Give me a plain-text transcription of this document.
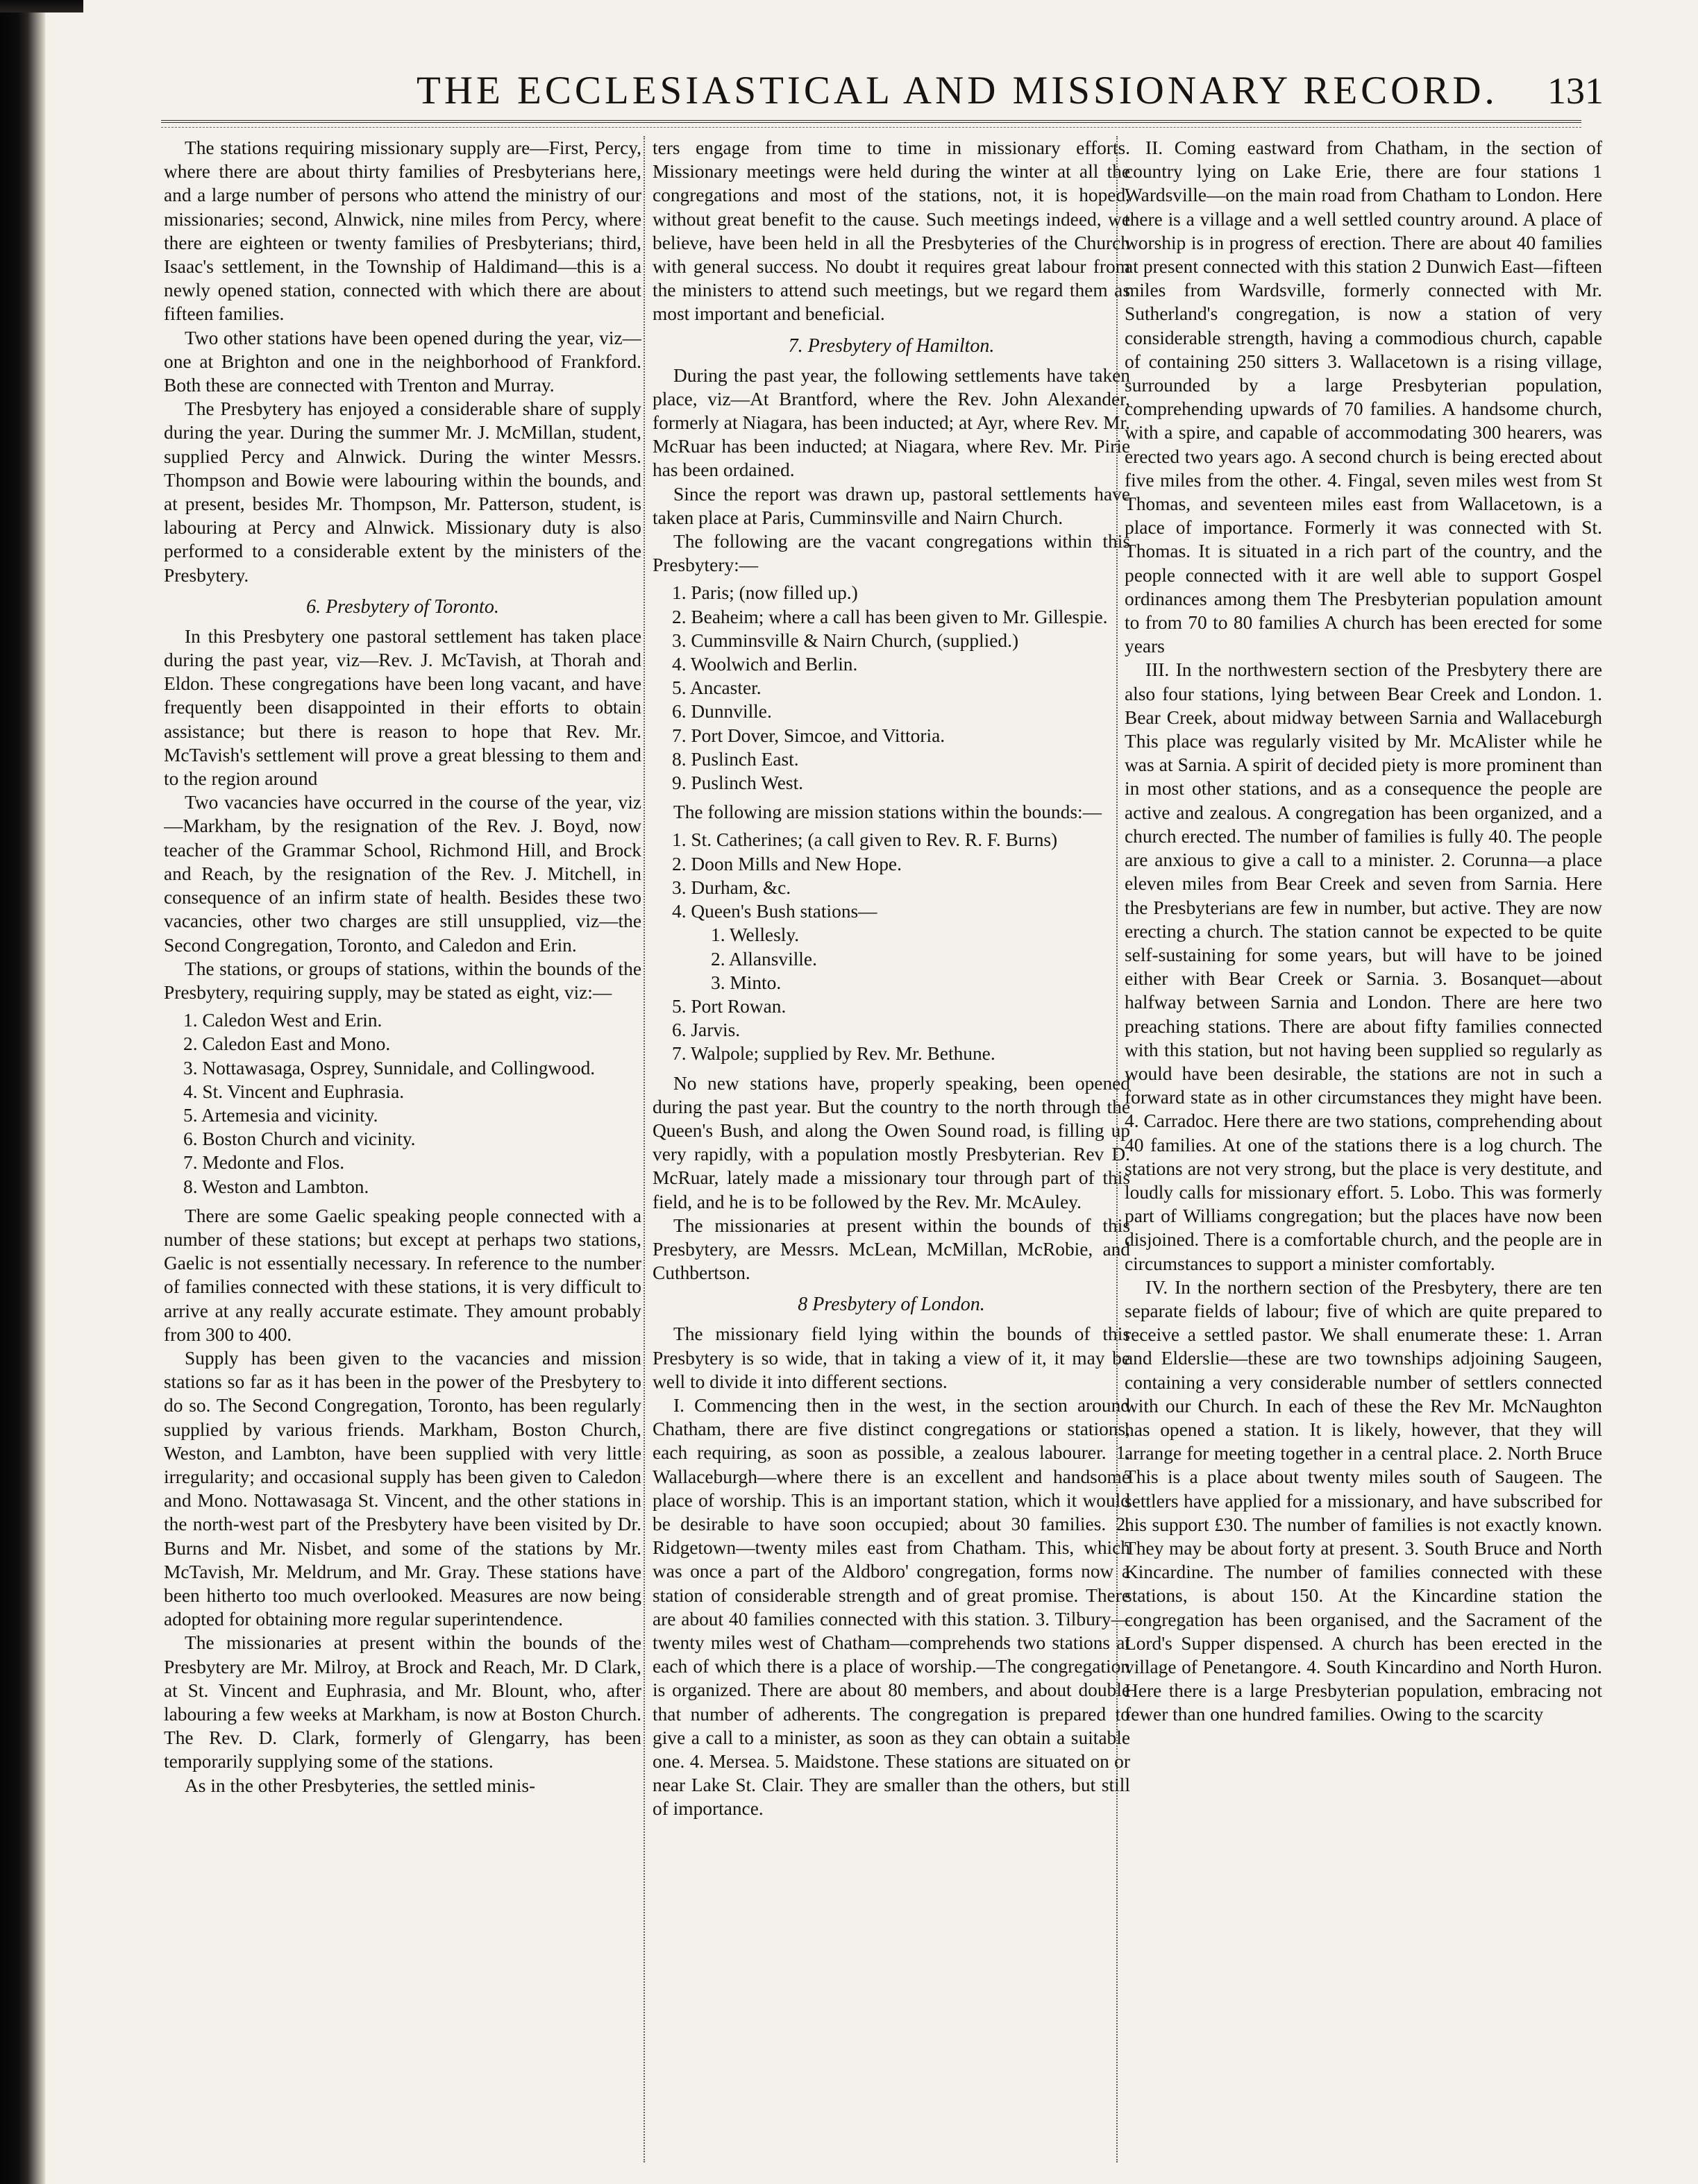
THE ECCLESIASTICAL AND MISSIONARY RECORD.	131

The stations requiring missionary supply are—First, Percy, where there are about thirty families of Presbyterians here, and a large number of persons who attend the ministry of our missionaries; second, Alnwick, nine miles from Percy, where there are eighteen or twenty families of Presbyterians; third, Isaac's settlement, in the Township of Haldimand—this is a newly opened station, connected with which there are about fifteen families.

Two other stations have been opened during the year, viz—one at Brighton and one in the neighborhood of Frankford. Both these are connected with Trenton and Murray.

The Presbytery has enjoyed a considerable share of supply during the year. During the summer Mr. J. McMillan, student, supplied Percy and Alnwick. During the winter Messrs. Thompson and Bowie were labouring within the bounds, and at present, besides Mr. Thompson, Mr. Patterson, student, is labouring at Percy and Alnwick. Missionary duty is also performed to a considerable extent by the ministers of the Presbytery.

6. Presbytery of Toronto.

In this Presbytery one pastoral settlement has taken place during the past year, viz—Rev. J. McTavish, at Thorah and Eldon. These congregations have been long vacant, and have frequently been disappointed in their efforts to obtain assistance; but there is reason to hope that Rev. Mr. McTavish's settlement will prove a great blessing to them and to the region around

Two vacancies have occurred in the course of the year, viz—Markham, by the resignation of the Rev. J. Boyd, now teacher of the Grammar School, Richmond Hill, and Brock and Reach, by the resignation of the Rev. J. Mitchell, in consequence of an infirm state of health. Besides these two vacancies, other two charges are still unsupplied, viz—the Second Congregation, Toronto, and Caledon and Erin.

The stations, or groups of stations, within the bounds of the Presbytery, requiring supply, may be stated as eight, viz:—

1. Caledon West and Erin.
2. Caledon East and Mono.
3. Nottawasaga, Osprey, Sunnidale, and Collingwood.
4. St. Vincent and Euphrasia.
5. Artemesia and vicinity.
6. Boston Church and vicinity.
7. Medonte and Flos.
8. Weston and Lambton.

There are some Gaelic speaking people connected with a number of these stations; but except at perhaps two stations, Gaelic is not essentially necessary. In reference to the number of families connected with these stations, it is very difficult to arrive at any really accurate estimate. They amount probably from 300 to 400.

Supply has been given to the vacancies and mission stations so far as it has been in the power of the Presbytery to do so. The Second Congregation, Toronto, has been regularly supplied by various friends. Markham, Boston Church, Weston, and Lambton, have been supplied with very little irregularity; and occasional supply has been given to Caledon and Mono. Nottawasaga St. Vincent, and the other stations in the north-west part of the Presbytery have been visited by Dr. Burns and Mr. Nisbet, and some of the stations by Mr. McTavish, Mr. Meldrum, and Mr. Gray. These stations have been hitherto too much overlooked. Measures are now being adopted for obtaining more regular superintendence.

The missionaries at present within the bounds of the Presbytery are Mr. Milroy, at Brock and Reach, Mr. D Clark, at St. Vincent and Euphrasia, and Mr. Blount, who, after labouring a few weeks at Markham, is now at Boston Church. The Rev. D. Clark, formerly of Glengarry, has been temporarily supplying some of the stations.

As in the other Presbyteries, the settled minis-

ters engage from time to time in missionary efforts. Missionary meetings were held during the winter at all the congregations and most of the stations, not, it is hoped, without great benefit to the cause. Such meetings indeed, we believe, have been held in all the Presbyteries of the Church with general success. No doubt it requires great labour from the ministers to attend such meetings, but we regard them as most important and beneficial.

7. Presbytery of Hamilton.

During the past year, the following settlements have taken place, viz—At Brantford, where the Rev. John Alexander, formerly at Niagara, has been inducted; at Ayr, where Rev. Mr. McRuar has been inducted; at Niagara, where Rev. Mr. Pirie has been ordained.

Since the report was drawn up, pastoral settlements have taken place at Paris, Cumminsville and Nairn Church.

The following are the vacant congregations within this Presbytery:—

1. Paris; (now filled up.)
2. Beaheim; where a call has been given to Mr. Gillespie.
3. Cumminsville & Nairn Church, (supplied.)
4. Woolwich and Berlin.
5. Ancaster.
6. Dunnville.
7. Port Dover, Simcoe, and Vittoria.
8. Puslinch East.
9. Puslinch West.

The following are mission stations within the bounds:—

1. St. Catherines; (a call given to Rev. R. F. Burns)
2. Doon Mills and New Hope.
3. Durham, &c.
4. Queen's Bush stations—
1. Wellesly.
2. Allansville.
3. Minto.
5. Port Rowan.
6. Jarvis.
7. Walpole; supplied by Rev. Mr. Bethune.

No new stations have, properly speaking, been opened during the past year. But the country to the north through the Queen's Bush, and along the Owen Sound road, is filling up very rapidly, with a population mostly Presbyterian. Rev D. McRuar, lately made a missionary tour through part of this field, and he is to be followed by the Rev. Mr. McAuley.

The missionaries at present within the bounds of this Presbytery, are Messrs. McLean, McMillan, McRobie, and Cuthbertson.

8 Presbytery of London.

The missionary field lying within the bounds of this Presbytery is so wide, that in taking a view of it, it may be well to divide it into different sections.

I. Commencing then in the west, in the section around Chatham, there are five distinct congregations or stations, each requiring, as soon as possible, a zealous labourer. 1. Wallaceburgh—where there is an excellent and handsome place of worship. This is an important station, which it would be desirable to have soon occupied; about 30 families. 2. Ridgetown—twenty miles east from Chatham. This, which was once a part of the Aldboro' congregation, forms now a station of considerable strength and of great promise. There are about 40 families connected with this station. 3. Tilbury—twenty miles west of Chatham—comprehends two stations at each of which there is a place of worship.—The congregation is organized. There are about 80 members, and about double that number of adherents. The congregation is prepared to give a call to a minister, as soon as they can obtain a suitable one. 4. Mersea. 5. Maidstone. These stations are situated on or near Lake St. Clair. They are smaller than the others, but still of importance.

II. Coming eastward from Chatham, in the section of country lying on Lake Erie, there are four stations 1 Wardsville—on the main road from Chatham to London. Here there is a village and a well settled country around. A place of worship is in progress of erection. There are about 40 families at present connected with this station 2 Dunwich East—fifteen miles from Wardsville, formerly connected with Mr. Sutherland's congregation, is now a station of very considerable strength, having a commodious church, capable of containing 250 sitters 3. Wallacetown is a rising village, surrounded by a large Presbyterian population, comprehending upwards of 70 families. A handsome church, with a spire, and capable of accommodating 300 hearers, was erected two years ago. A second church is being erected about five miles from the other. 4. Fingal, seven miles west from St Thomas, and seventeen miles east from Wallacetown, is a place of importance. Formerly it was connected with St. Thomas. It is situated in a rich part of the country, and the people connected with it are well able to support Gospel ordinances among them The Presbyterian population amount to from 70 to 80 families A church has been erected for some years

III. In the northwestern section of the Presbytery there are also four stations, lying between Bear Creek and London. 1. Bear Creek, about midway between Sarnia and Wallaceburgh This place was regularly visited by Mr. McAlister while he was at Sarnia. A spirit of decided piety is more prominent than in most other stations, and as a consequence the people are active and zealous. A congregation has been organized, and a church erected. The number of families is fully 40. The people are anxious to give a call to a minister. 2. Corunna—a place eleven miles from Bear Creek and seven from Sarnia. Here the Presbyterians are few in number, but active. They are now erecting a church. The station cannot be expected to be quite self-sustaining for some years, but will have to be joined either with Bear Creek or Sarnia. 3. Bosanquet—about halfway between Sarnia and London. There are here two preaching stations. There are about fifty families connected with this station, but not having been supplied so regularly as would have been desirable, the stations are not in such a forward state as in other circumstances they might have been. 4. Carradoc. Here there are two stations, comprehending about 40 families. At one of the stations there is a log church. The stations are not very strong, but the place is very destitute, and loudly calls for missionary effort. 5. Lobo. This was formerly part of Williams congregation; but the places have now been disjoined. There is a comfortable church, and the people are in circumstances to support a minister comfortably.

IV. In the northern section of the Presbytery, there are ten separate fields of labour; five of which are quite prepared to receive a settled pastor. We shall enumerate these: 1. Arran and Elderslie—these are two townships adjoining Saugeen, containing a very considerable number of settlers connected with our Church. In each of these the Rev Mr. McNaughton has opened a station. It is likely, however, that they will arrange for meeting together in a central place. 2. North Bruce This is a place about twenty miles south of Saugeen. The settlers have applied for a missionary, and have subscribed for his support £30. The number of families is not exactly known. They may be about forty at present. 3. South Bruce and North Kincardine. The number of families connected with these stations, is about 150. At the Kincardine station the congregation has been organised, and the Sacrament of the Lord's Supper dispensed. A church has been erected in the village of Penetangore. 4. South Kincardino and North Huron. Here there is a large Presbyterian population, embracing not fewer than one hundred families. Owing to the scarcity
